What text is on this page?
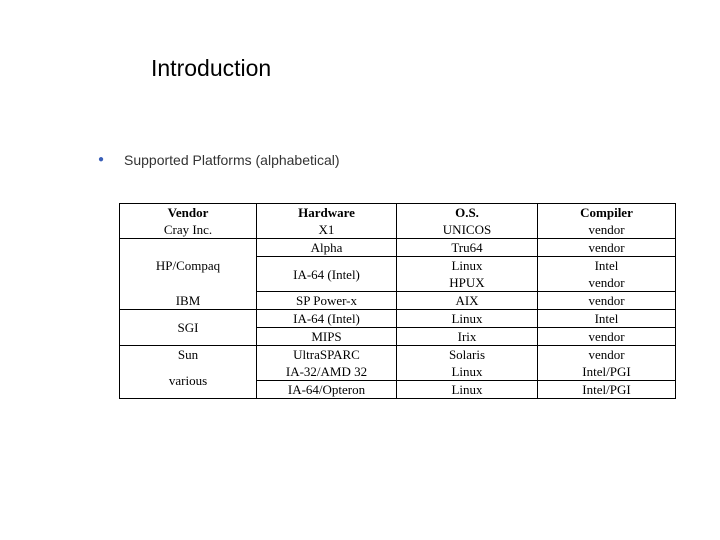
Introduction
● Supported Platforms (alphabetical)
Vendor	Hardware	O.S.	Compiler
Cray Inc.	X1	UNICOS	vendor
HP/Compaq	Alpha	Tru64	vendor
	IA-64 (Intel)	Linux	Intel
		HPUX	vendor
IBM	SP Power-x	AIX	vendor
SGI	IA-64 (Intel)	Linux	Intel
	MIPS	Irix	vendor
Sun	UltraSPARC	Solaris	vendor
various	IA-32/AMD 32	Linux	Intel/PGI
	IA-64/Opteron	Linux	Intel/PGI
